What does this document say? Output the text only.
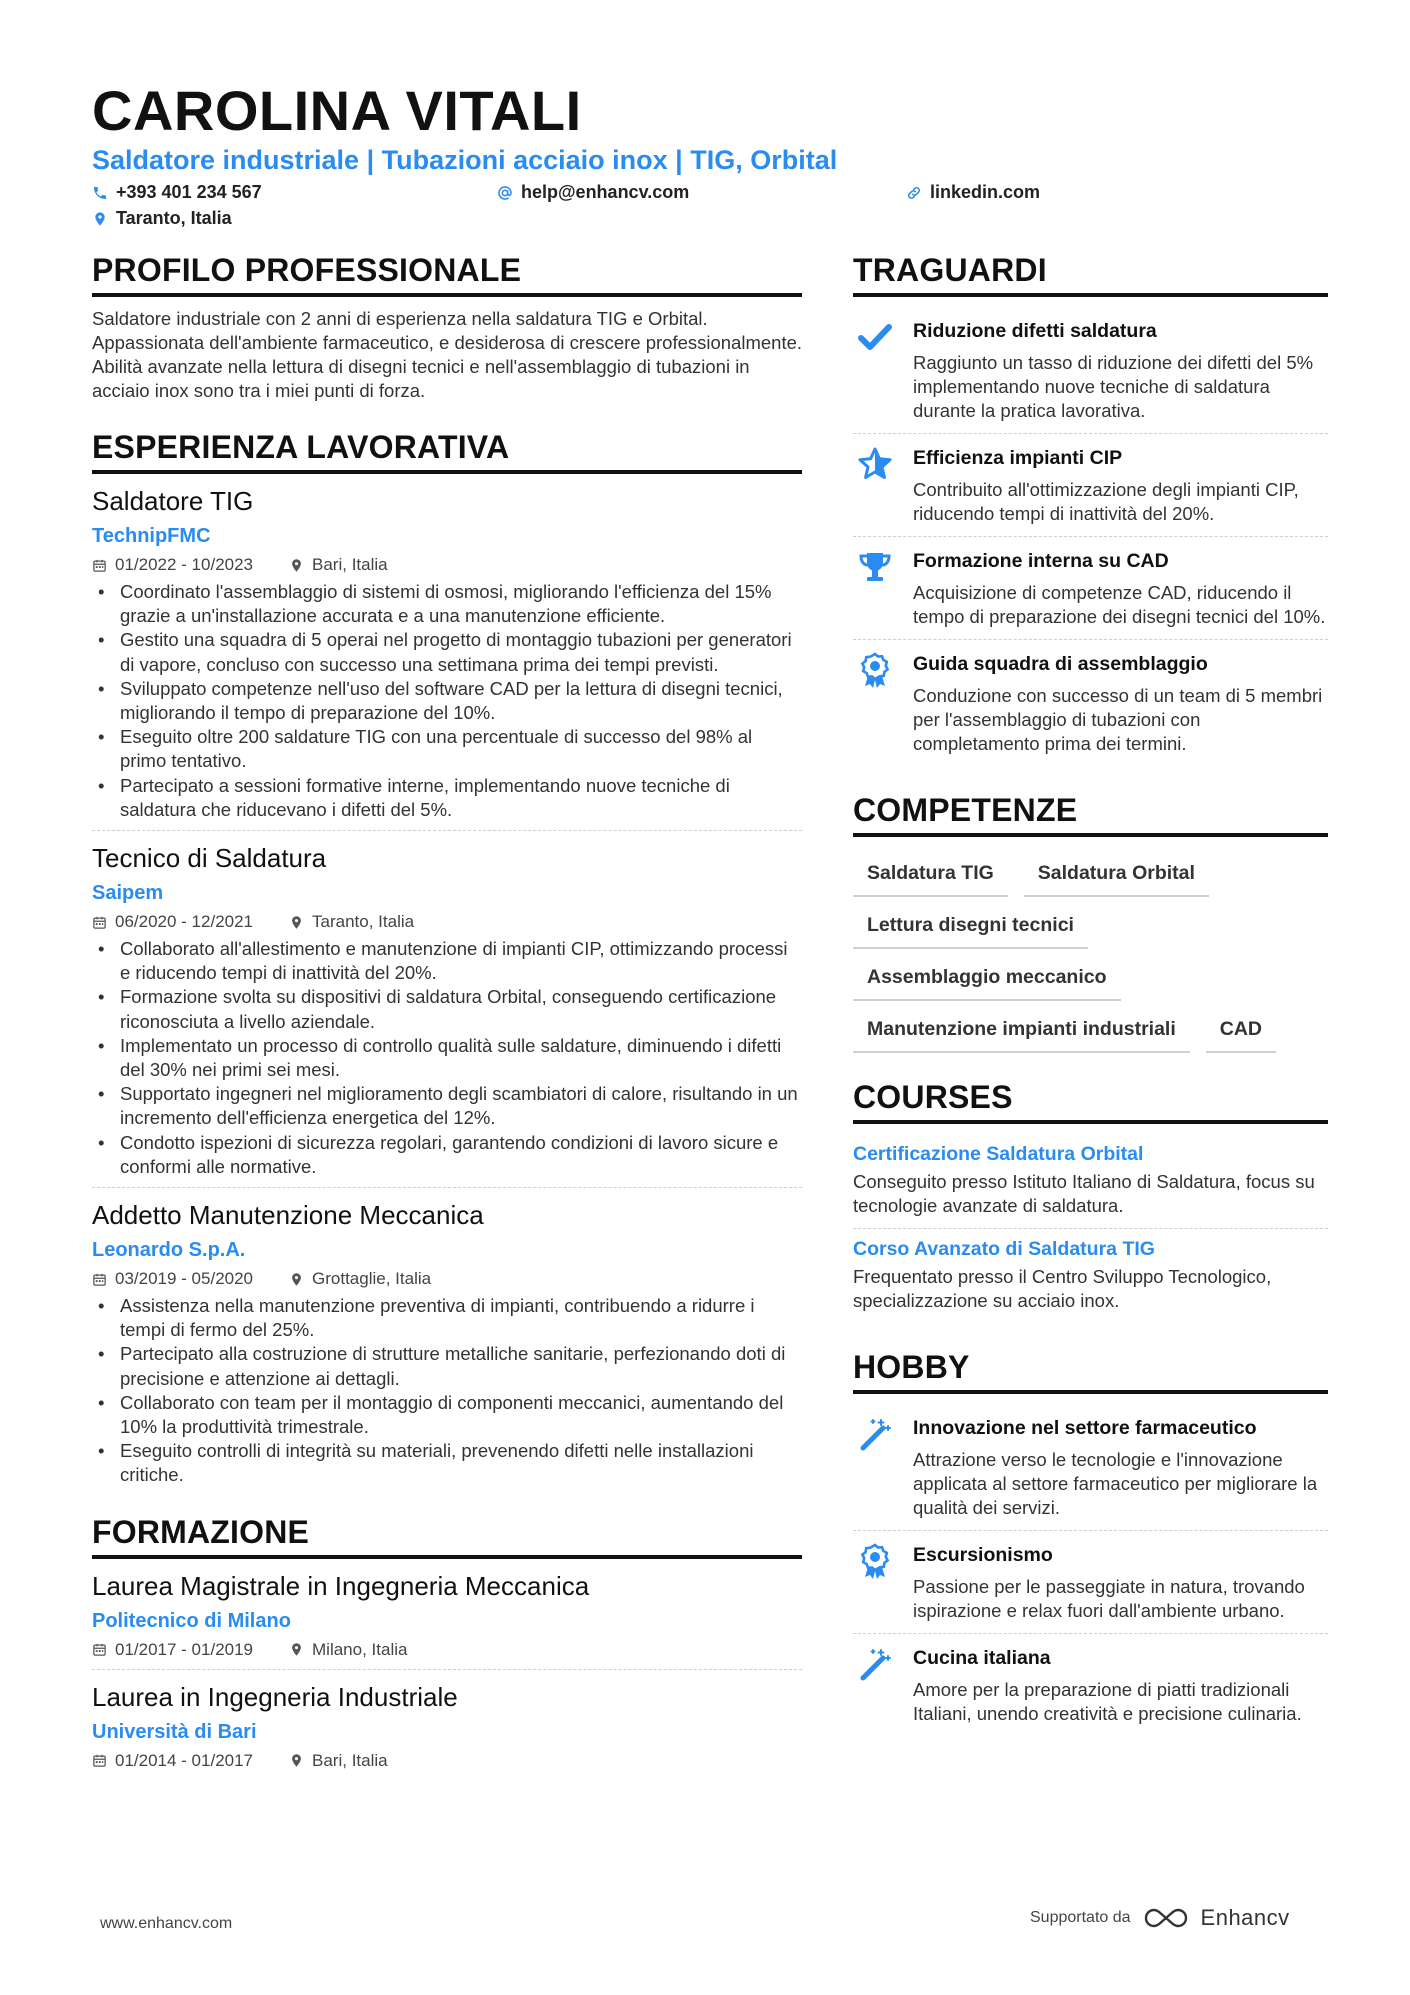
CAROLINA VITALI
Saldatore industriale | Tubazioni acciaio inox | TIG, Orbital
+393 401 234 567	help@enhancv.com	linkedin.com
Taranto, Italia
PROFILO PROFESSIONALE
Saldatore industriale con 2 anni di esperienza nella saldatura TIG e Orbital. Appassionata dell'ambiente farmaceutico, e desiderosa di crescere professionalmente. Abilità avanzate nella lettura di disegni tecnici e nell'assemblaggio di tubazioni in acciaio inox sono tra i miei punti di forza.
ESPERIENZA LAVORATIVA
Saldatore TIG
TechnipFMC
01/2022 - 10/2023	Bari, Italia
• Coordinato l'assemblaggio di sistemi di osmosi, migliorando l'efficienza del 15% grazie a un'installazione accurata e a una manutenzione efficiente.
• Gestito una squadra di 5 operai nel progetto di montaggio tubazioni per generatori di vapore, concluso con successo una settimana prima dei tempi previsti.
• Sviluppato competenze nell'uso del software CAD per la lettura di disegni tecnici, migliorando il tempo di preparazione del 10%.
• Eseguito oltre 200 saldature TIG con una percentuale di successo del 98% al primo tentativo.
• Partecipato a sessioni formative interne, implementando nuove tecniche di saldatura che riducevano i difetti del 5%.
Tecnico di Saldatura
Saipem
06/2020 - 12/2021	Taranto, Italia
• Collaborato all'allestimento e manutenzione di impianti CIP, ottimizzando processi e riducendo tempi di inattività del 20%.
• Formazione svolta su dispositivi di saldatura Orbital, conseguendo certificazione riconosciuta a livello aziendale.
• Implementato un processo di controllo qualità sulle saldature, diminuendo i difetti del 30% nei primi sei mesi.
• Supportato ingegneri nel miglioramento degli scambiatori di calore, risultando in un incremento dell'efficienza energetica del 12%.
• Condotto ispezioni di sicurezza regolari, garantendo condizioni di lavoro sicure e conformi alle normative.
Addetto Manutenzione Meccanica
Leonardo S.p.A.
03/2019 - 05/2020	Grottaglie, Italia
• Assistenza nella manutenzione preventiva di impianti, contribuendo a ridurre i tempi di fermo del 25%.
• Partecipato alla costruzione di strutture metalliche sanitarie, perfezionando doti di precisione e attenzione ai dettagli.
• Collaborato con team per il montaggio di componenti meccanici, aumentando del 10% la produttività trimestrale.
• Eseguito controlli di integrità su materiali, prevenendo difetti nelle installazioni critiche.
FORMAZIONE
Laurea Magistrale in Ingegneria Meccanica
Politecnico di Milano
01/2017 - 01/2019	Milano, Italia
Laurea in Ingegneria Industriale
Università di Bari
01/2014 - 01/2017	Bari, Italia
TRAGUARDI
Riduzione difetti saldatura
Raggiunto un tasso di riduzione dei difetti del 5% implementando nuove tecniche di saldatura durante la pratica lavorativa.
Efficienza impianti CIP
Contribuito all'ottimizzazione degli impianti CIP, riducendo tempi di inattività del 20%.
Formazione interna su CAD
Acquisizione di competenze CAD, riducendo il tempo di preparazione dei disegni tecnici del 10%.
Guida squadra di assemblaggio
Conduzione con successo di un team di 5 membri per l'assemblaggio di tubazioni con completamento prima dei termini.
COMPETENZE
Saldatura TIG	Saldatura Orbital
Lettura disegni tecnici
Assemblaggio meccanico
Manutenzione impianti industriali	CAD
COURSES
Certificazione Saldatura Orbital
Conseguito presso Istituto Italiano di Saldatura, focus su tecnologie avanzate di saldatura.
Corso Avanzato di Saldatura TIG
Frequentato presso il Centro Sviluppo Tecnologico, specializzazione su acciaio inox.
HOBBY
Innovazione nel settore farmaceutico
Attrazione verso le tecnologie e l'innovazione applicata al settore farmaceutico per migliorare la qualità dei servizi.
Escursionismo
Passione per le passeggiate in natura, trovando ispirazione e relax fuori dall'ambiente urbano.
Cucina italiana
Amore per la preparazione di piatti tradizionali Italiani, unendo creatività e precisione culinaria.
www.enhancv.com	Supportato da	Enhancv
